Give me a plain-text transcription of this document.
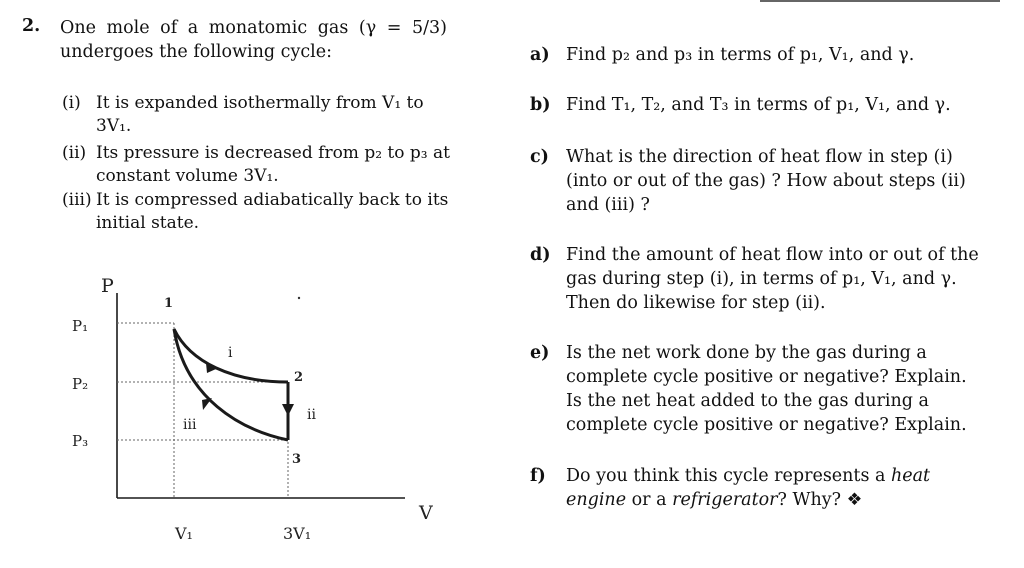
2. One mole of a monatomic gas (γ = 5/3)
undergoes the following cycle:
(i) It is expanded isothermally from V₁ to
3V₁.
(ii) Its pressure is decreased from p₂ to p₃ at
constant volume 3V₁.
(iii) It is compressed adiabatically back to its
initial state.
a) Find p₂ and p₃ in terms of p₁, V₁, and γ.
b) Find T₁, T₂, and T₃ in terms of p₁, V₁, and γ.
c) What is the direction of heat flow in step (i)
(into or out of the gas) ? How about steps (ii)
and (iii) ?
d) Find the amount of heat flow into or out of the
gas during step (i), in terms of p₁, V₁, and γ.
Then do likewise for step (ii).
e) Is the net work done by the gas during a
complete cycle positive or negative? Explain.
Is the net heat added to the gas during a
complete cycle positive or negative? Explain.
f) Do you think this cycle represents a heat
engine or a refrigerator? Why? ❖
P
V
P₁
P₂
P₃
V₁	3V₁
1
2
3
i
ii
iii
